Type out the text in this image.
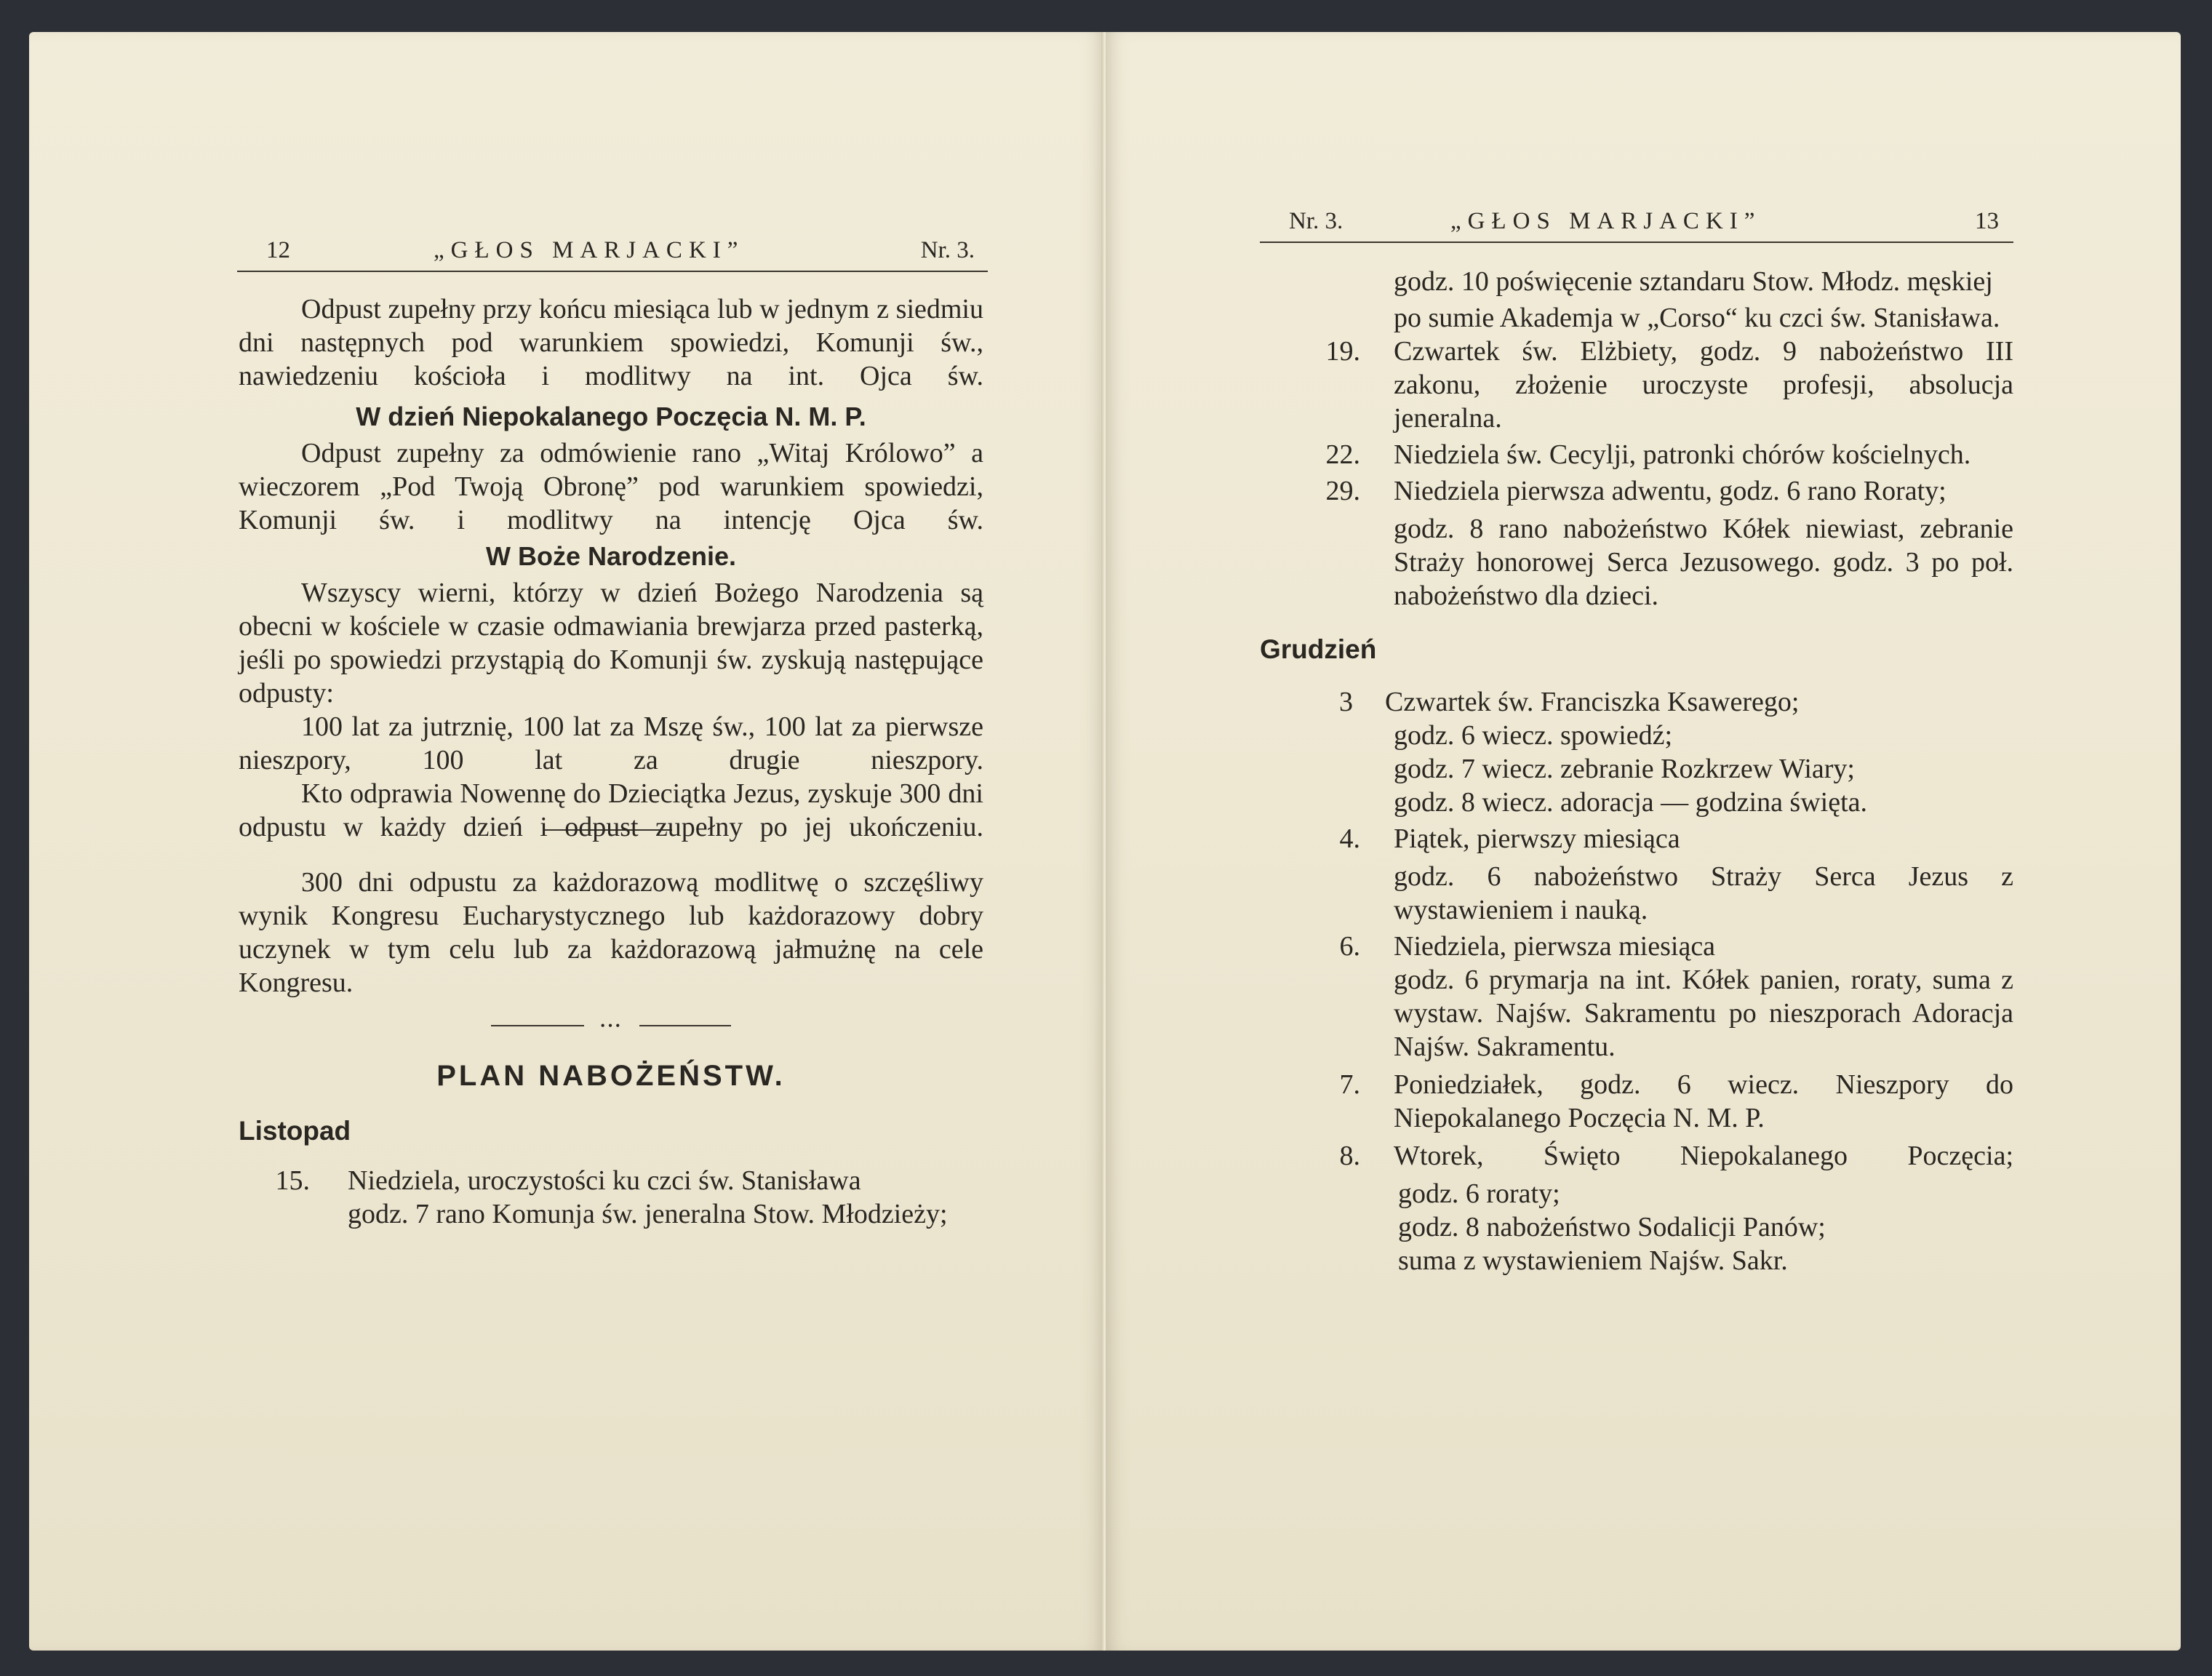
12	„GŁOS MARJACKI”	Nr. 3.

Odpust zupełny przy końcu miesiąca lub w jednym z siedmiu dni następnych pod warunkiem spowiedzi, Komunji św., nawiedzeniu kościoła i modlitwy na int. Ojca św.

W dzień Niepokalanego Poczęcia N. M. P.

Odpust zupełny za odmówienie rano „Witaj Królowo” a wieczorem „Pod Twoją Obronę” pod warunkiem spowiedzi, Komunji św. i modlitwy na intencję Ojca św.

W Boże Narodzenie.

Wszyscy wierni, którzy w dzień Bożego Narodzenia są obecni w kościele w czasie odmawiania brewjarza przed pasterką, jeśli po spowiedzi przystąpią do Komunji św. zyskują następujące odpusty:

100 lat za jutrznię, 100 lat za Mszę św., 100 lat za pierwsze nieszpory, 100 lat za drugie nieszpory.

Kto odprawia Nowennę do Dzieciątka Jezus, zyskuje 300 dni odpustu w każdy dzień i odpust zupełny po jej ukończeniu.

300 dni odpustu za każdorazową modlitwę o szczęśliwy wynik Kongresu Eucharystycznego lub każdorazowy dobry uczynek w tym celu lub za każdorazową jałmużnę na cele Kongresu.

•••

PLAN NABOŻEŃSTW.

Listopad

15. Niedziela, uroczystości ku czci św. Stanisława
godz. 7 rano Komunja św. jeneralna Stow. Młodzieży;
Nr. 3.	„GŁOS MARJACKI”	13
godz. 10 poświęcenie sztandaru Stow. Młodz. męskiej
po sumie Akademja w „Corso“ ku czci św. Stanisława.
19. Czwartek św. Elżbiety, godz. 9 nabożeństwo III zakonu, złożenie uroczyste profesji, absolucja jeneralna.
22. Niedziela św. Cecylji, patronki chórów kościelnych.
29. Niedziela pierwsza adwentu, godz. 6 rano Roraty;
godz. 8 rano nabożeństwo Kółek niewiast, zebranie Straży honorowej Serca Jezusowego. godz. 3 po poł. nabożeństwo dla dzieci.

Grudzień

3 Czwartek św. Franciszka Ksawerego;
godz. 6 wiecz. spowiedź;
godz. 7 wiecz. zebranie Rozkrzew Wiary;
godz. 8 wiecz. adoracja — godzina święta.
4. Piątek, pierwszy miesiąca
godz. 6 nabożeństwo Straży Serca Jezus z wystawieniem i nauką.
6. Niedziela, pierwsza miesiąca
godz. 6 prymarja na int. Kółek panien, roraty, suma z wystaw. Najśw. Sakramentu po nieszporach Adoracja Najśw. Sakramentu.
7. Poniedziałek, godz. 6 wiecz. Nieszpory do Niepokalanego Poczęcia N. M. P.
8. Wtorek, Święto Niepokalanego Poczęcia;
godz. 6 roraty;
godz. 8 nabożeństwo Sodalicji Panów;
suma z wystawieniem Najśw. Sakr.
